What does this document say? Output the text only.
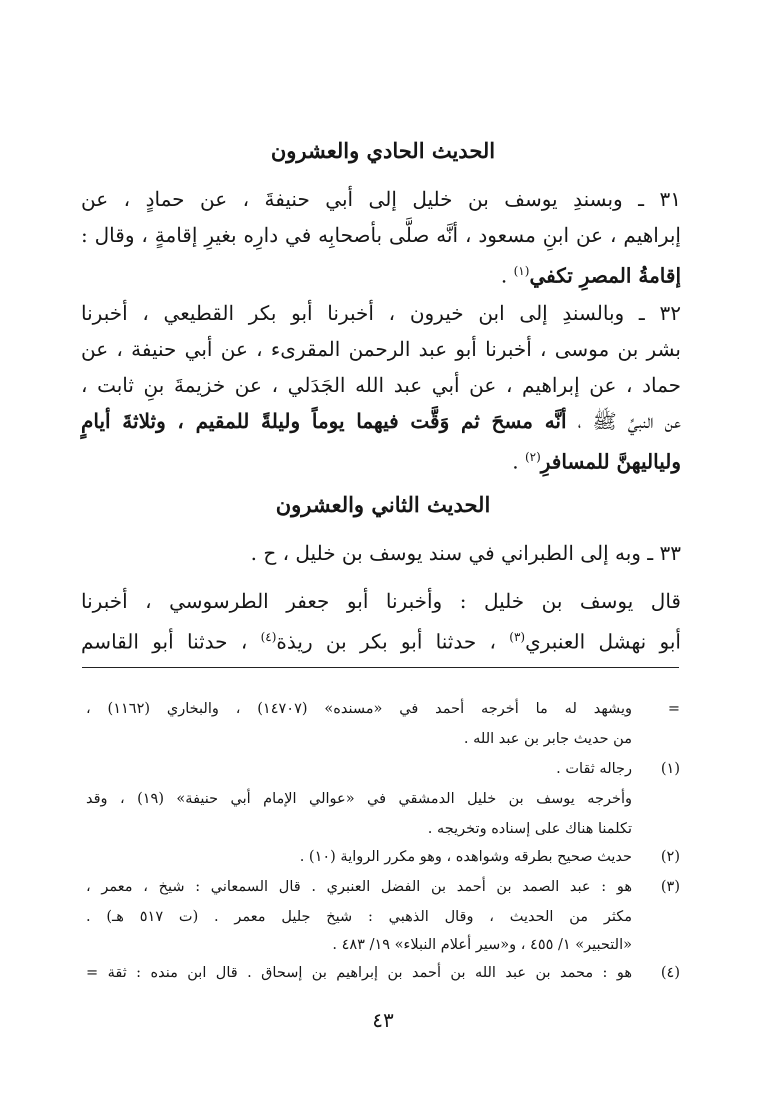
الحديث الحادي والعشرون
٣١ ـ وبسندِ يوسف بن خليل إلى أبي حنيفةَ ، عن حمادٍ ، عن
إبراهيم ، عن ابنِ مسعود ، أنَّه صلَّى بأصحابِه في دارِه بغيرِ إقامةٍ ، وقال :
إقامةُ المصرِ تكفي$^{(١)}$ .
٣٢ ـ وبالسندِ إلى ابن خيرون ، أخبرنا أبو بكر القطيعي ، أخبرنا
بشر بن موسى ، أخبرنا أبو عبد الرحمن المقرىء ، عن أبي حنيفة ، عن
حماد ، عن إبراهيم ، عن أبي عبد الله الجَدَلي ، عن خزيمةَ بنِ ثابت ،
عن النبيِّ ﷺ ، أنَّه مسحَ ثم وَقَّت فيهما يوماً وليلةً للمقيم ، وثلاثةَ أيامٍ
ولياليهنَّ للمسافرِ$^{(٢)}$ .
الحديث الثاني والعشرون
٣٣ ـ وبه إلى الطبراني في سند يوسف بن خليل ، ح .
قال يوسف بن خليل : وأخبرنا أبو جعفر الطرسوسي ، أخبرنا
أبو نهشل العنبري$^{(٣)}$ ، حدثنا أبو بكر بن ريذة$^{(٤)}$ ، حدثنا أبو القاسم
=
ويشهد له ما أخرجه أحمد في «مسنده» (١٤٧٠٧) ، والبخاري (١١٦٢) ،
من حديث جابر بن عبد الله .
(١)
رجاله ثقات .
وأخرجه يوسف بن خليل الدمشقي في «عوالي الإمام أبي حنيفة» (١٩) ، وقد
تكلمنا هناك على إسناده وتخريجه .
(٢)
حديث صحيح بطرقه وشواهده ، وهو مكرر الرواية (١٠) .
(٣)
هو : عبد الصمد بن أحمد بن الفضل العنبري . قال السمعاني : شيخ ، معمر ،
مكثر من الحديث ، وقال الذهبي : شيخ جليل معمر . (ت ٥١٧ هـ) .
«التحبير» ١/ ٤٥٥ ، و«سير أعلام النبلاء» ١٩/ ٤٨٣ .
(٤)
هو : محمد بن عبد الله بن أحمد بن إبراهيم بن إسحاق . قال ابن منده : ثقة =
٤٣
